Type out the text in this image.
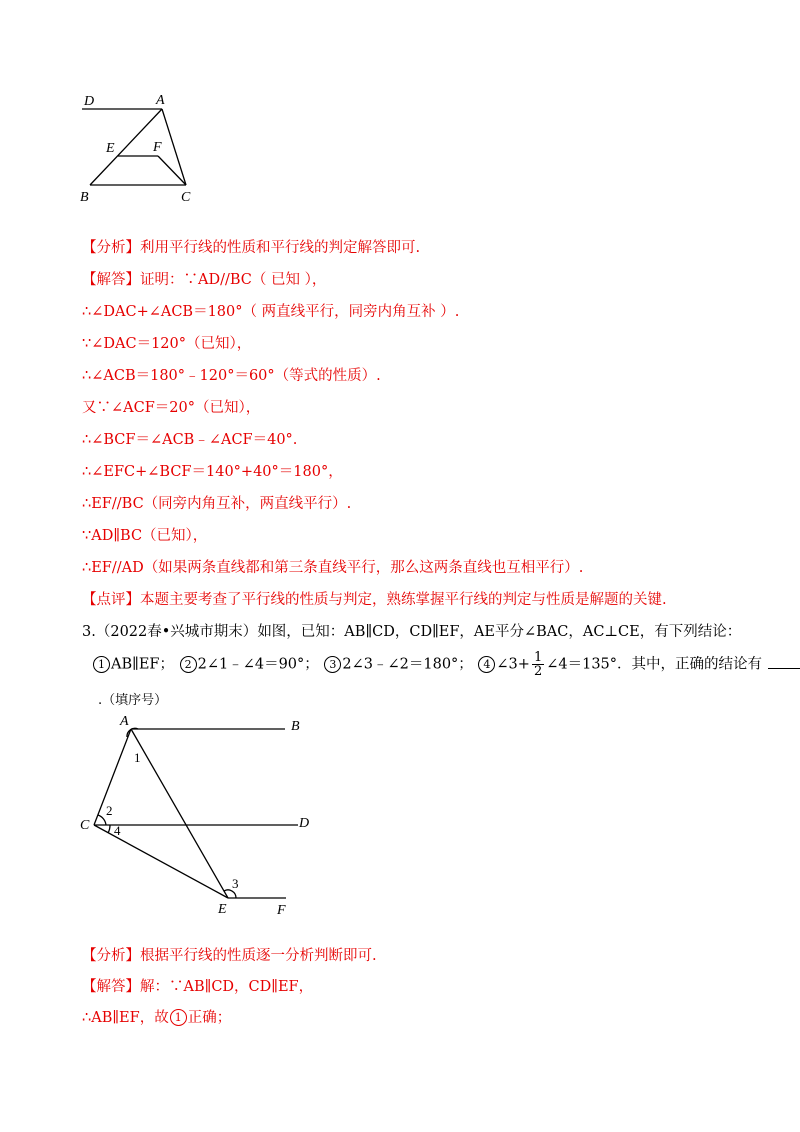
D	A
E	F
B	C
【分析】利用平行线的性质和平行线的判定解答即可.
【解答】证明：∵AD//BC（ 已知 ），
∴∠DAC+∠ACB＝180°（ 两直线平行，同旁内角互补 ）.
∵∠DAC＝120°（已知），
∴∠ACB＝180°﹣120°＝60°（等式的性质）.
又∵∠ACF＝20°（已知），
∴∠BCF＝∠ACB﹣∠ACF＝40°.
∴∠EFC+∠BCF＝140°+40°＝180°，
∴EF//BC（同旁内角互补，两直线平行）.
∵AD∥BC（已知），
∴EF//AD（如果两条直线都和第三条直线平行，那么这两条直线也互相平行）.
【点评】本题主要考查了平行线的性质与判定，熟练掌握平行线的判定与性质是解题的关键.
3.（2022春•兴城市期末）如图，已知：AB∥CD，CD∥EF，AE平分∠BAC，AC⊥CE，有下列结论：
1 AB∥EF； 2 2∠1﹣∠4＝90°； 3 2∠3﹣∠2＝180°； 4 ∠3+ $\frac{1}{2}$ ∠4＝135°．其中，正确的结论有
.（填序号）
A	B
C	D
E	F
1
2
4
3
【分析】根据平行线的性质逐一分析判断即可.
【解答】解：∵AB∥CD，CD∥EF，
∴AB∥EF，故 1 正确；
